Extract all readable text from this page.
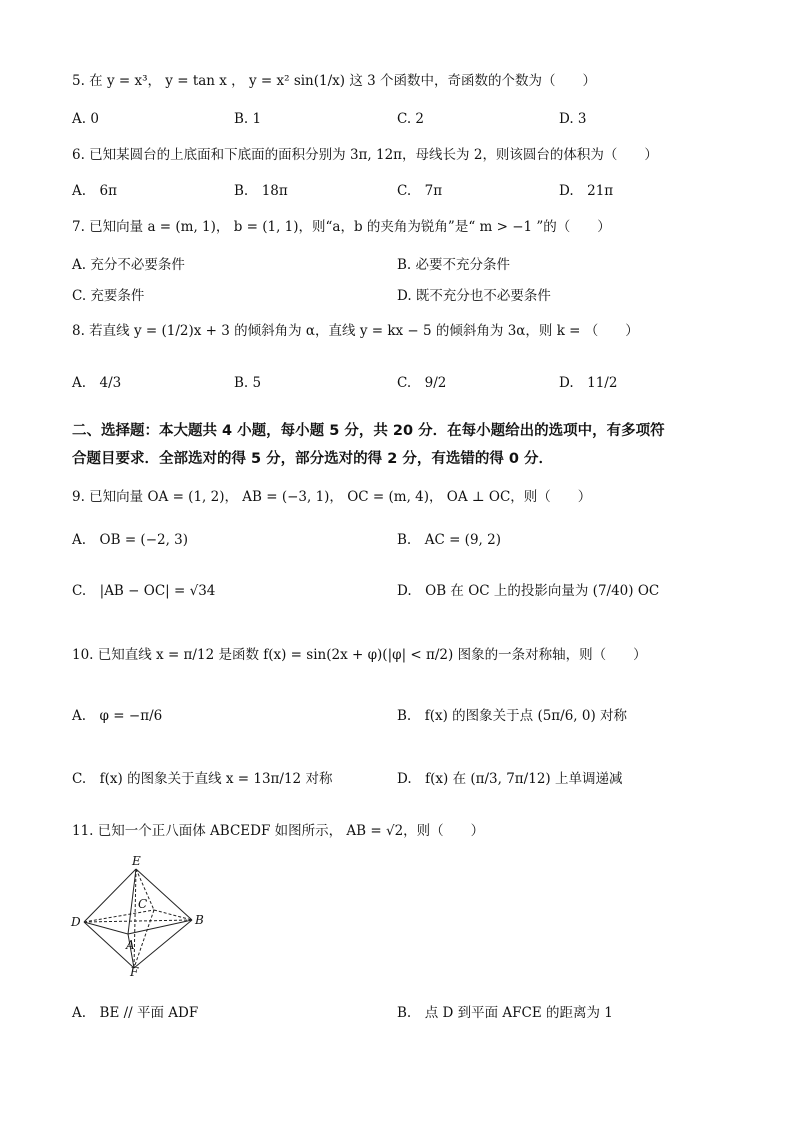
5. 在 y = x³， y = tan x ， y = x² sin(1/x) 这 3 个函数中，奇函数的个数为（　　）
A. 0	B. 1	C. 2	D. 3
6. 已知某圆台的上底面和下底面的面积分别为 3π, 12π，母线长为 2，则该圆台的体积为（　　）
A.　6π	B.　18π	C.　7π	D.　21π
7. 已知向量 a = (m, 1)， b = (1, 1)，则“a，b 的夹角为锐角”是“ m > −1 ”的（　　）
A. 充分不必要条件	B. 必要不充分条件
C. 充要条件	D. 既不充分也不必要条件
8. 若直线 y = (1/2)x + 3 的倾斜角为 α，直线 y = kx − 5 的倾斜角为 3α，则 k = （　　）
A.　4/3	B. 5	C.　9/2	D.　11/2
二、选择题：本大题共 4 小题，每小题 5 分，共 20 分．在每小题给出的选项中，有多项符
合题目要求．全部选对的得 5 分，部分选对的得 2 分，有选错的得 0 分．
9. 已知向量 OA = (1, 2)， AB = (−3, 1)， OC = (m, 4)， OA ⊥ OC，则（　　）
A.　OB = (−2, 3)	B.　AC = (9, 2)
C.　|AB − OC| = √34	D.　OB 在 OC 上的投影向量为 (7/40) OC
10. 已知直线 x = π/12 是函数 f(x) = sin(2x + φ)(|φ| < π/2) 图象的一条对称轴，则（　　）
A.　φ = −π/6	B.　f(x) 的图象关于点 (5π/6, 0) 对称
C.　f(x) 的图象关于直线 x = 13π/12 对称	D.　f(x) 在 (π/3, 7π/12) 上单调递减
11. 已知一个正八面体 ABCEDF 如图所示， AB = √2，则（　　）
E
C
D	B
A
F
A.　BE // 平面 ADF	B.　点 D 到平面 AFCE 的距离为 1
